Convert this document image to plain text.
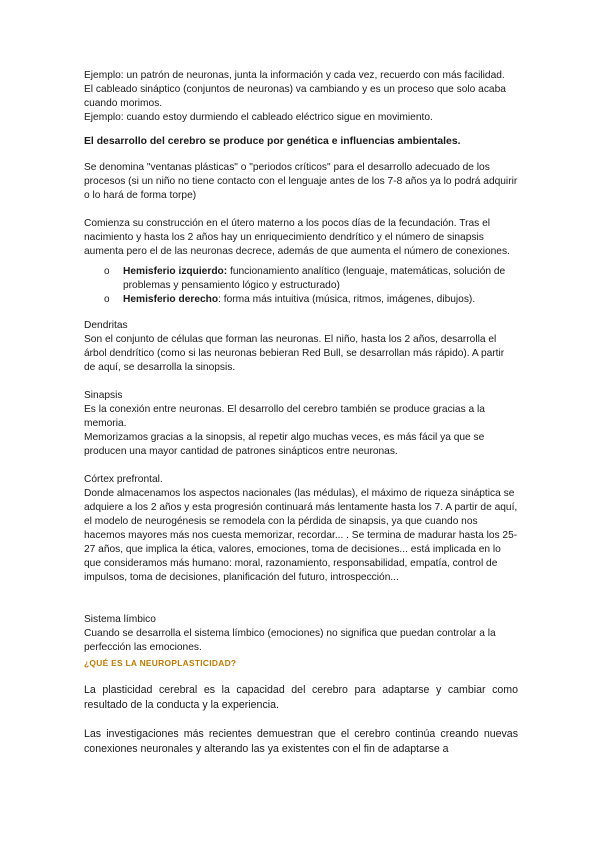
Ejemplo: un patrón de neuronas, junta la información y cada vez, recuerdo con más facilidad.

El cableado sináptico (conjuntos de neuronas) va cambiando y es un proceso que solo acaba cuando morimos.

Ejemplo: cuando estoy durmiendo el cableado eléctrico sigue en movimiento.

El desarrollo del cerebro se produce por genética e influencias ambientales.

Se denomina "ventanas plásticas" o "periodos críticos" para el desarrollo adecuado de los procesos (si un niño no tiene contacto con el lenguaje antes de los 7-8 años ya lo podrá adquirir o lo hará de forma torpe)

Comienza su construcción en el útero materno a los pocos días de la fecundación. Tras el nacimiento y hasta los 2 años hay un enriquecimiento dendrítico y el número de sinapsis aumenta pero el de las neuronas decrece, además de que aumenta el número de conexiones.

o Hemisferio izquierdo: funcionamiento analítico (lenguaje, matemáticas, solución de problemas y pensamiento lógico y estructurado)
o Hemisferio derecho: forma más intuitiva (música, ritmos, imágenes, dibujos).

Dendritas

Son el conjunto de células que forman las neuronas. El niño, hasta los 2 años, desarrolla el árbol dendrítico (como si las neuronas bebieran Red Bull, se desarrollan más rápido). A partir de aquí, se desarrolla la sinopsis.

Sinapsis

Es la conexión entre neuronas. El desarrollo del cerebro también se produce gracias a la memoria.

Memorizamos gracias a la sinopsis, al repetir algo muchas veces, es más fácil ya que se producen una mayor cantidad de patrones sinápticos entre neuronas.

Córtex prefrontal.

Donde almacenamos los aspectos nacionales (las médulas), el máximo de riqueza sináptica se adquiere a los 2 años y esta progresión continuará más lentamente hasta los 7. A partir de aquí, el modelo de neurogénesis se remodela con la pérdida de sinapsis, ya que cuando nos hacemos mayores más nos cuesta memorizar, recordar... . Se termina de madurar hasta los 25-27 años, que implica la ética, valores, emociones, toma de decisiones... está implicada en lo que consideramos más humano: moral, razonamiento, responsabilidad, empatía, control de impulsos, toma de decisiones, planificación del futuro, introspección...

Sistema límbico

Cuando se desarrolla el sistema límbico (emociones) no significa que puedan controlar a la perfección las emociones.

¿QUÉ ES LA NEUROPLASTICIDAD?

La plasticidad cerebral es la capacidad del cerebro para adaptarse y cambiar como resultado de la conducta y la experiencia.

Las investigaciones más recientes demuestran que el cerebro continúa creando nuevas conexiones neuronales y alterando las ya existentes con el fin de adaptarse a
